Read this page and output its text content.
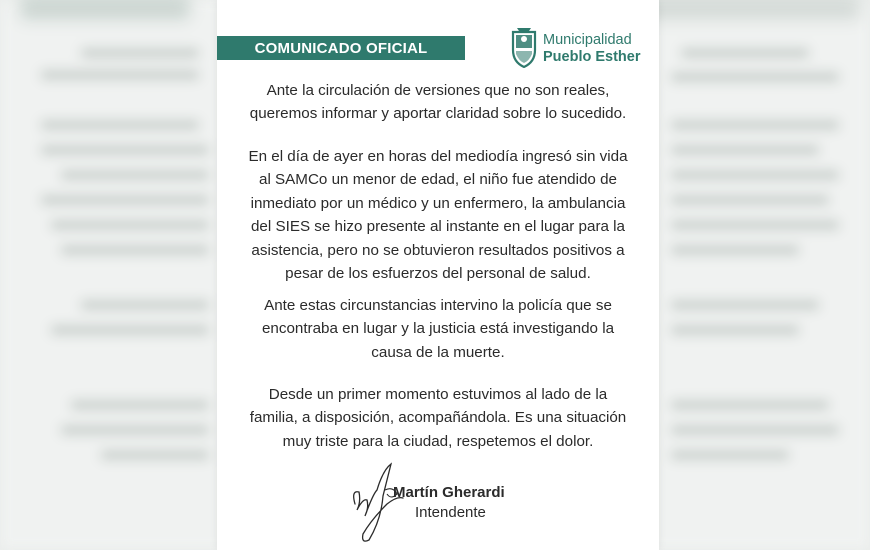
COMUNICADO OFICIAL	Municipalidad
Pueblo Esther
Ante la circulación de versiones que no son reales,
queremos informar y aportar claridad sobre lo sucedido.
En el día de ayer en horas del mediodía ingresó sin vida
al SAMCo un menor de edad, el niño fue atendido de
inmediato por un médico y un enfermero, la ambulancia
del SIES se hizo presente al instante en el lugar para la
asistencia, pero no se obtuvieron resultados positivos a
pesar de los esfuerzos del personal de salud.
Ante estas circunstancias intervino la policía que se
encontraba en lugar y la justicia está investigando la
causa de la muerte.
Desde un primer momento estuvimos al lado de la
familia, a disposición, acompañándola. Es una situación
muy triste para la ciudad, respetemos el dolor.
Martín Gherardi
Intendente
